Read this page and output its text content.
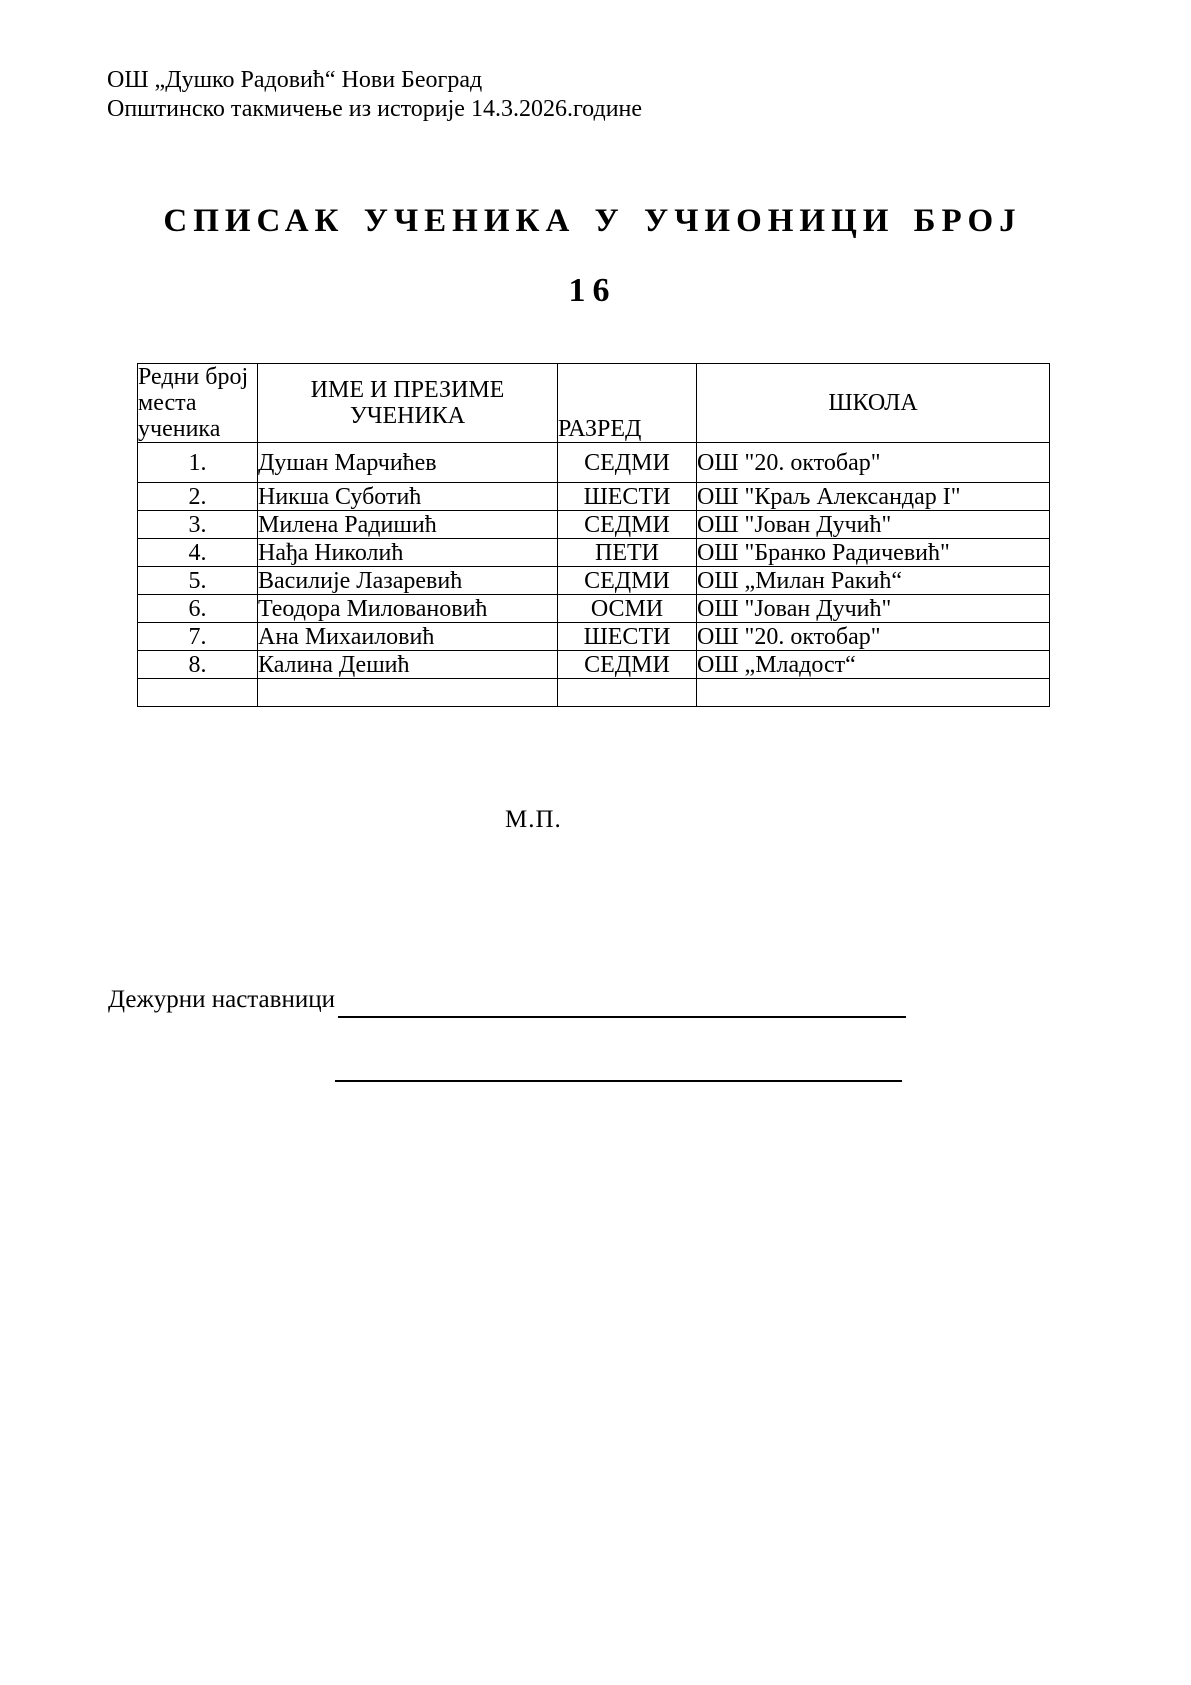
ОШ „Душко Радовић“ Нови Београд
Општинско такмичење из историје 14.3.2026.године
СПИСАК УЧЕНИКА У УЧИОНИЦИ БРОЈ
16
Редни број места ученика	ИМЕ И ПРЕЗИМЕ УЧЕНИКА	РАЗРЕД	ШКОЛА
1.	Душан Марчићев	СЕДМИ	ОШ "20. октобар"
2.	Никша Суботић	ШЕСТИ	ОШ "Краљ Александар I"
3.	Милена Радишић	СЕДМИ	ОШ "Јован Дучић"
4.	Нађа Николић	ПЕТИ	ОШ "Бранко Радичевић"
5.	Василије Лазаревић	СЕДМИ	ОШ „Милан Ракић“
6.	Теодора Миловановић	ОСМИ	ОШ "Јован Дучић"
7.	Ана Михаиловић	ШЕСТИ	ОШ "20. октобар"
8.	Калина Дешић	СЕДМИ	ОШ „Младост“

М.П.
Дежурни наставници
